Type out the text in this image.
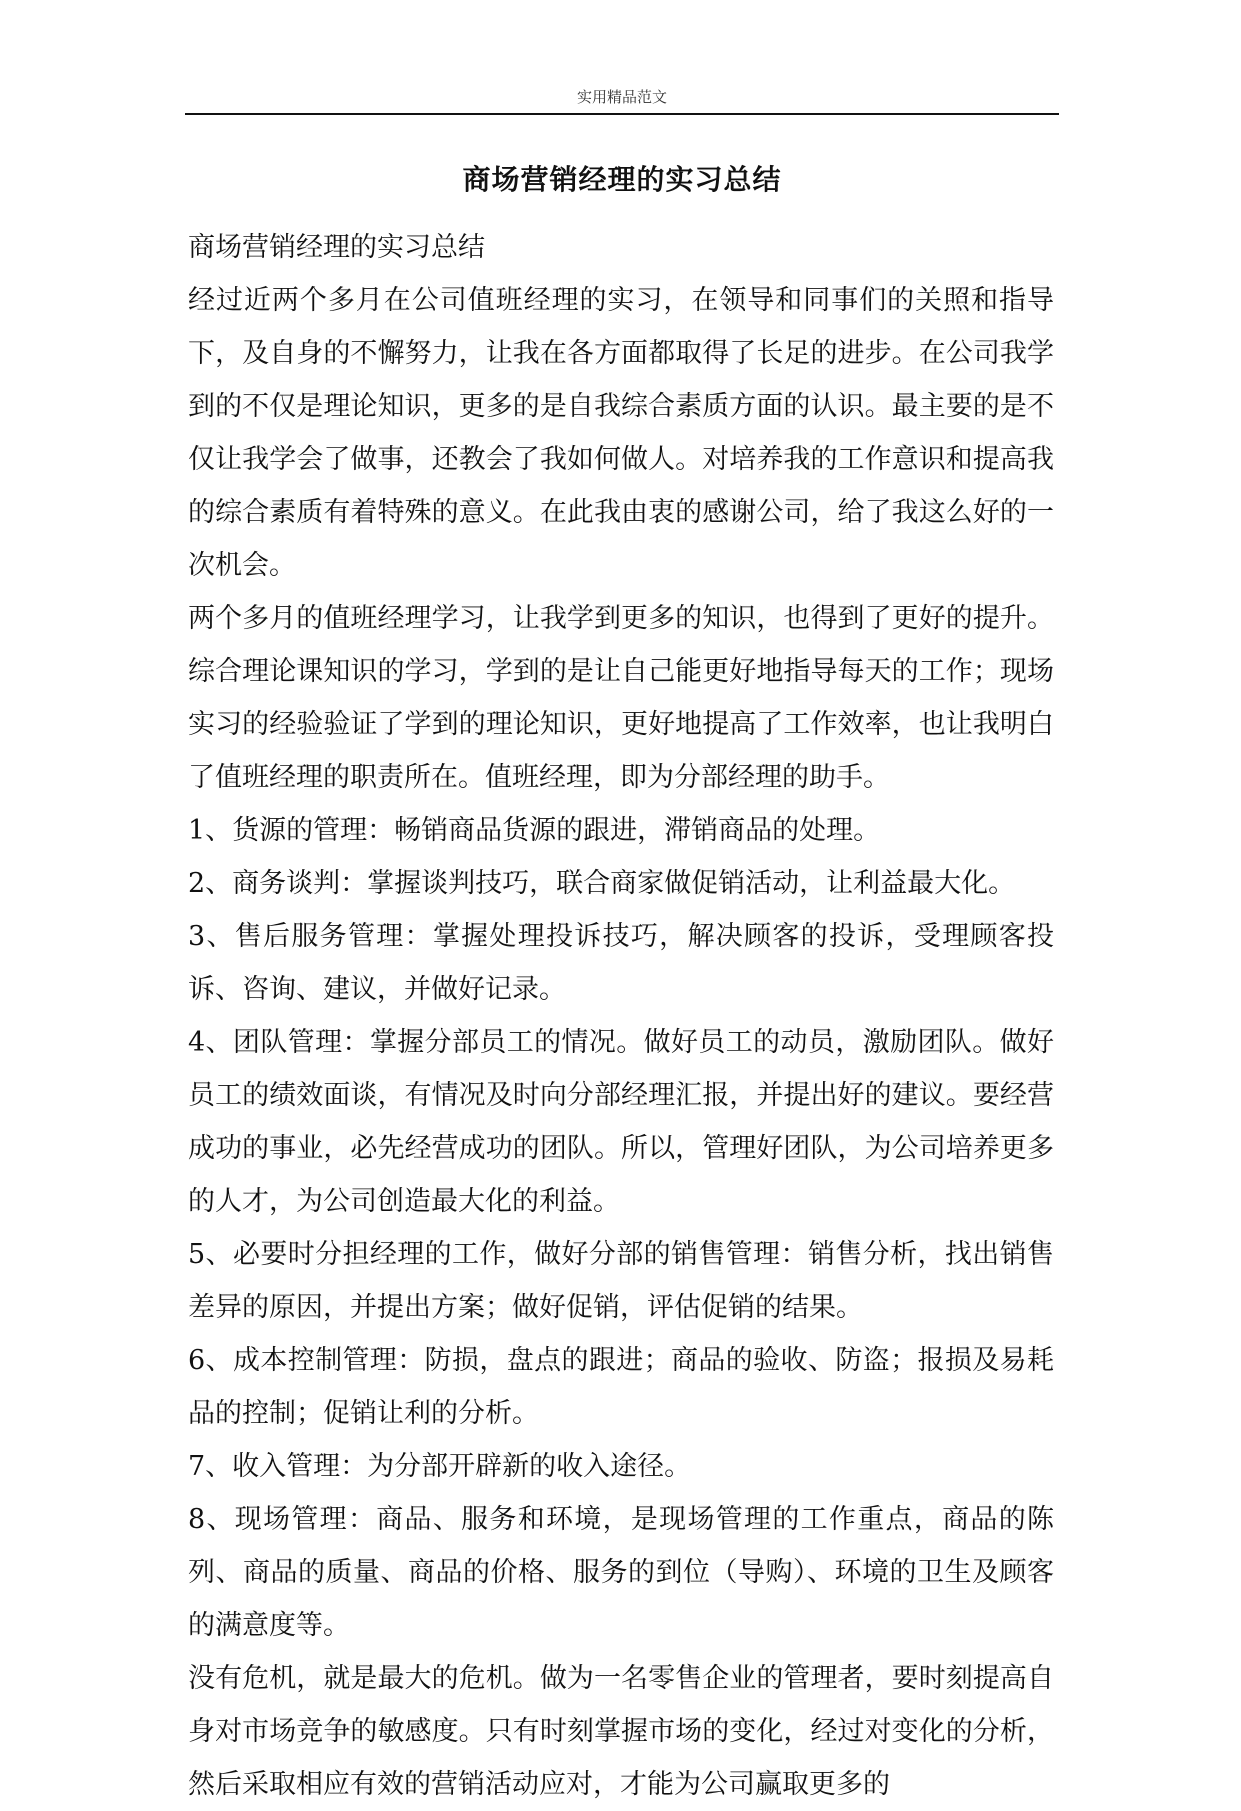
实用精品范文
商场营销经理的实习总结

商场营销经理的实习总结

经过近两个多月在公司值班经理的实习，在领导和同事们的关照和指导下，及自身的不懈努力，让我在各方面都取得了长足的进步。在公司我学到的不仅是理论知识，更多的是自我综合素质方面的认识。最主要的是不仅让我学会了做事，还教会了我如何做人。对培养我的工作意识和提高我的综合素质有着特殊的意义。在此我由衷的感谢公司，给了我这么好的一次机会。

两个多月的值班经理学习，让我学到更多的知识，也得到了更好的提升。综合理论课知识的学习，学到的是让自己能更好地指导每天的工作；现场实习的经验验证了学到的理论知识，更好地提高了工作效率，也让我明白了值班经理的职责所在。值班经理，即为分部经理的助手。

1、货源的管理：畅销商品货源的跟进，滞销商品的处理。

2、商务谈判：掌握谈判技巧，联合商家做促销活动，让利益最大化。

3、售后服务管理：掌握处理投诉技巧，解决顾客的投诉，受理顾客投诉、咨询、建议，并做好记录。

4、团队管理：掌握分部员工的情况。做好员工的动员，激励团队。做好员工的绩效面谈，有情况及时向分部经理汇报，并提出好的建议。要经营成功的事业，必先经营成功的团队。所以，管理好团队，为公司培养更多的人才，为公司创造最大化的利益。

5、必要时分担经理的工作，做好分部的销售管理：销售分析，找出销售差异的原因，并提出方案；做好促销，评估促销的结果。

6、成本控制管理：防损，盘点的跟进；商品的验收、防盗；报损及易耗品的控制；促销让利的分析。

7、收入管理：为分部开辟新的收入途径。

8、现场管理：商品、服务和环境，是现场管理的工作重点，商品的陈列、商品的质量、商品的价格、服务的到位（导购）、环境的卫生及顾客的满意度等。

没有危机，就是最大的危机。做为一名零售企业的管理者，要时刻提高自身对市场竞争的敏感度。只有时刻掌握市场的变化，经过对变化的分析，然后采取相应有效的营销活动应对，才能为公司赢取更多的
